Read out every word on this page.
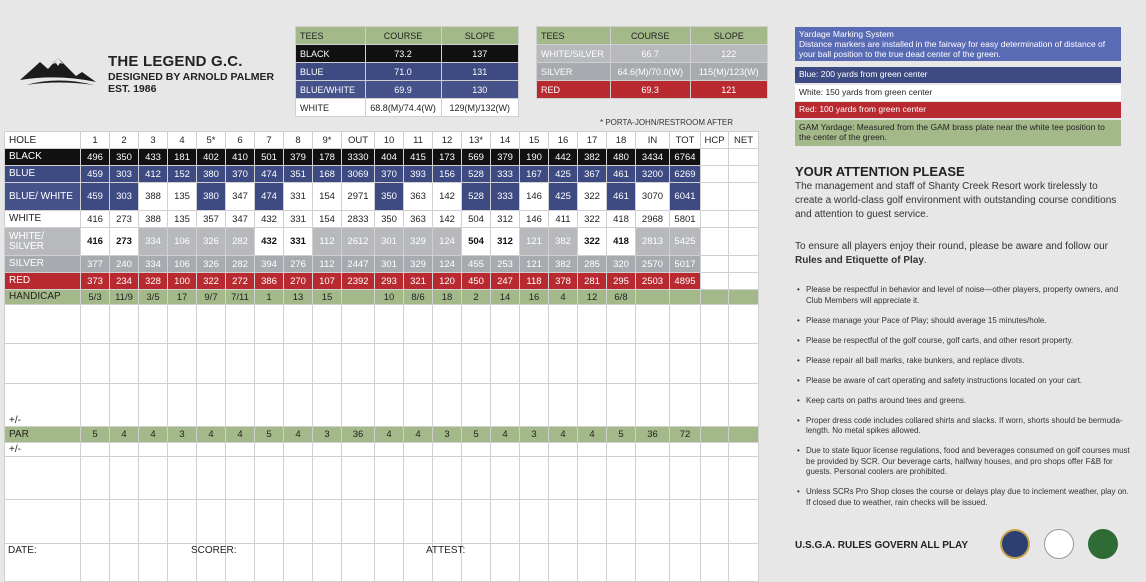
THE LEGEND G.C.
DESIGNED BY ARNOLD PALMER
EST. 1986
TEES	COURSE	SLOPE
BLACK	73.2	137
BLUE	71.0	131
BLUE/WHITE	69.9	130
WHITE	68.8(M)/74.4(W)	129(M)/132(W)
TEES	COURSE	SLOPE
WHITE/SILVER	66.7	122
SILVER	64.6(M)/70.0(W)	115(M)/123(W)
RED	69.3	121
* PORTA-JOHN/RESTROOM AFTER
HOLE	1	2	3	4	5*	6	7	8	9*	OUT	10	11	12	13*	14	15	16	17	18	IN	TOT	HCP	NET
BLACK	496	350	433	181	402	410	501	379	178	3330	404	415	173	569	379	190	442	382	480	3434	6764		
BLUE	459	303	412	152	380	370	474	351	168	3069	370	393	156	528	333	167	425	367	461	3200	6269		
BLUE/ WHITE	459	303	388	135	380	347	474	331	154	2971	350	363	142	528	333	146	425	322	461	3070	6041		
WHITE	416	273	388	135	357	347	432	331	154	2833	350	363	142	504	312	146	411	322	418	2968	5801		
WHITE/ SILVER	416	273	334	106	326	282	432	331	112	2612	301	329	124	504	312	121	382	322	418	2813	5425		
SILVER	377	240	334	106	326	282	394	276	112	2447	301	329	124	455	253	121	382	285	320	2570	5017		
RED	373	234	328	100	322	272	386	270	107	2392	293	321	120	450	247	118	378	281	295	2503	4895		
HANDICAP	5/3	11/9	3/5	17	9/7	7/11	1	13	15		10	8/6	18	2	14	16	4	12	6/8				

+/-																							
PAR	5	4	4	3	4	4	5	4	3	36	4	4	3	5	4	3	4	4	5	36	72		
+/-																							

DATE:	SCORER:	ATTEST:
Yardage Marking System
Distance markers are installed in the fairway for easy determination of distance of your ball position to the true dead center of the green.
Blue: 200 yards from green center
White: 150 yards from green center
Red: 100 yards from green center
GAM Yardage: Measured from the GAM brass plate near the white tee position to the center of the green.
YOUR ATTENTION PLEASE
The management and staff of Shanty Creek Resort work tirelessly to create a world-class golf environment with outstanding course conditions and attention to guest service.
To ensure all players enjoy their round, please be aware and follow our Rules and Etiquette of Play.
• Please be respectful in behavior and level of noise—other players, property owners, and Club Members will appreciate it.
• Please manage your Pace of Play; should average 15 minutes/hole.
• Please be respectful of the golf course, golf carts, and other resort property.
• Please repair all ball marks, rake bunkers, and replace divots.
• Please be aware of cart operating and safety instructions located on your cart.
• Keep carts on paths around tees and greens.
• Proper dress code includes collared shirts and slacks. If worn, shorts should be bermuda-length. No metal spikes allowed.
• Due to state liquor license regulations, food and beverages consumed on golf courses must be provided by SCR. Our beverage carts, halfway houses, and pro shops offer F&B for guests. Personal coolers are prohibited.
• Unless SCRs Pro Shop closes the course or delays play due to inclement weather, play on. If closed due to weather, rain checks will be issued.
U.S.G.A. RULES GOVERN ALL PLAY
